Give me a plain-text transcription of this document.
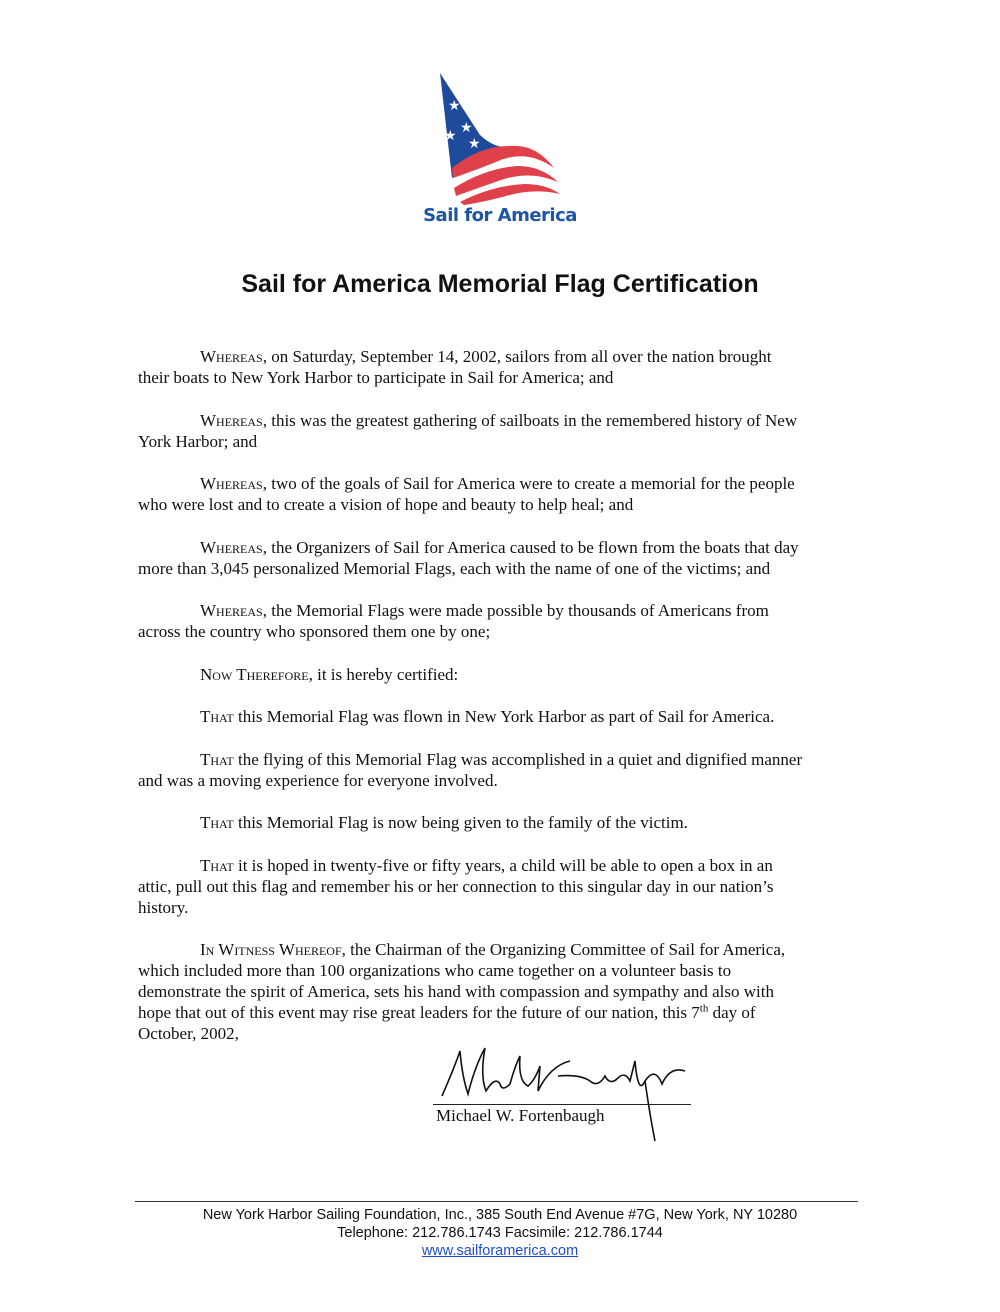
★
★
★ ★
Sail for America
Sail for America Memorial Flag Certification
Whereas, on Saturday, September 14, 2002, sailors from all over the nation brought
their boats to New York Harbor to participate in Sail for America; and
Whereas, this was the greatest gathering of sailboats in the remembered history of New
York Harbor; and
Whereas, two of the goals of Sail for America were to create a memorial for the people
who were lost and to create a vision of hope and beauty to help heal; and
Whereas, the Organizers of Sail for America caused to be flown from the boats that day
more than 3,045 personalized Memorial Flags, each with the name of one of the victims; and
Whereas, the Memorial Flags were made possible by thousands of Americans from
across the country who sponsored them one by one;
Now Therefore, it is hereby certified:
That this Memorial Flag was flown in New York Harbor as part of Sail for America.
That the flying of this Memorial Flag was accomplished in a quiet and dignified manner
and was a moving experience for everyone involved.
That this Memorial Flag is now being given to the family of the victim.
That it is hoped in twenty-five or fifty years, a child will be able to open a box in an
attic, pull out this flag and remember his or her connection to this singular day in our nation’s
history.
In Witness Whereof, the Chairman of the Organizing Committee of Sail for America,
which included more than 100 organizations who came together on a volunteer basis to
demonstrate the spirit of America, sets his hand with compassion and sympathy and also with
hope that out of this event may rise great leaders for the future of our nation, this 7th day of
October, 2002,
Michael W. Fortenbaugh
New York Harbor Sailing Foundation, Inc., 385 South End Avenue #7G, New York, NY 10280
Telephone: 212.786.1743 Facsimile: 212.786.1744
www.sailforamerica.com
